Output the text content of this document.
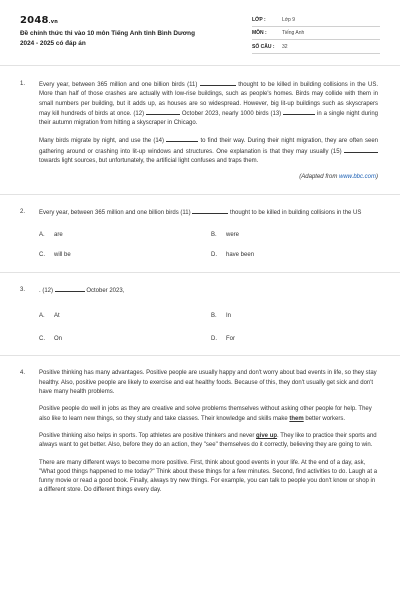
2048.vn
Đề chính thức thi vào 10 môn Tiếng Anh tỉnh Bình Dương
2024 - 2025 có đáp án
LỚP :	Lớp 9
MÔN :	Tiếng Anh
SỐ CÂU :	32
1.	Every year, between 365 million and one billion birds (11)	thought to be killed in building collisions in the US. More than half of those crashes are actually with low-rise buildings, such as people's homes. Birds may collide with them in small numbers per building, but it adds up, as houses are so widespread. However, big lit-up buildings such as skyscrapers may kill hundreds of birds at once. (12)	October 2023, nearly 1000 birds (13)	in a single night during their autumn migration from hitting a skyscraper in Chicago.

Many birds migrate by night, and use the (14)	to find their way. During their night migration, they are often seen gathering around or crashing into lit-up windows and structures. One explanation is that they may usually (15)  towards light sources, but unfortunately, the artificial light confuses and traps them.

(Adapted from www.bbc.com)
2.	Every year, between 365 million and one billion birds (11)	thought to be killed in building collisions in the US
A.	are	B.	were
C.	will be	D.	have been
3.	. (12)	October 2023,
A.	At	B.	In
C.	On	D.	For
4.	Positive thinking has many advantages. Positive people are usually happy and don't worry about bad events in life, so they stay healthy. Also, positive people are likely to exercise and eat healthy foods. Because of this, they don't usually get sick and don't have many health problems.

Positive people do well in jobs as they are creative and solve problems themselves without asking other people for help. They also like to learn new things, so they study and take classes. Their knowledge and skills make them better workers.

Positive thinking also helps in sports. Top athletes are positive thinkers and never give up. They like to practice their sports and always want to get better. Also, before they do an action, they "see" themselves do it correctly, believing they are going to win.

There are many different ways to become more positive. First, think about good events in your life. At the end of a day, ask, "What good things happened to me today?" Think about these things for a few minutes. Second, find activities to do. Laugh at a funny movie or read a good book. Finally, always try new things. For example, you can talk to people you don't know or shop in a different store. Do different things every day.
